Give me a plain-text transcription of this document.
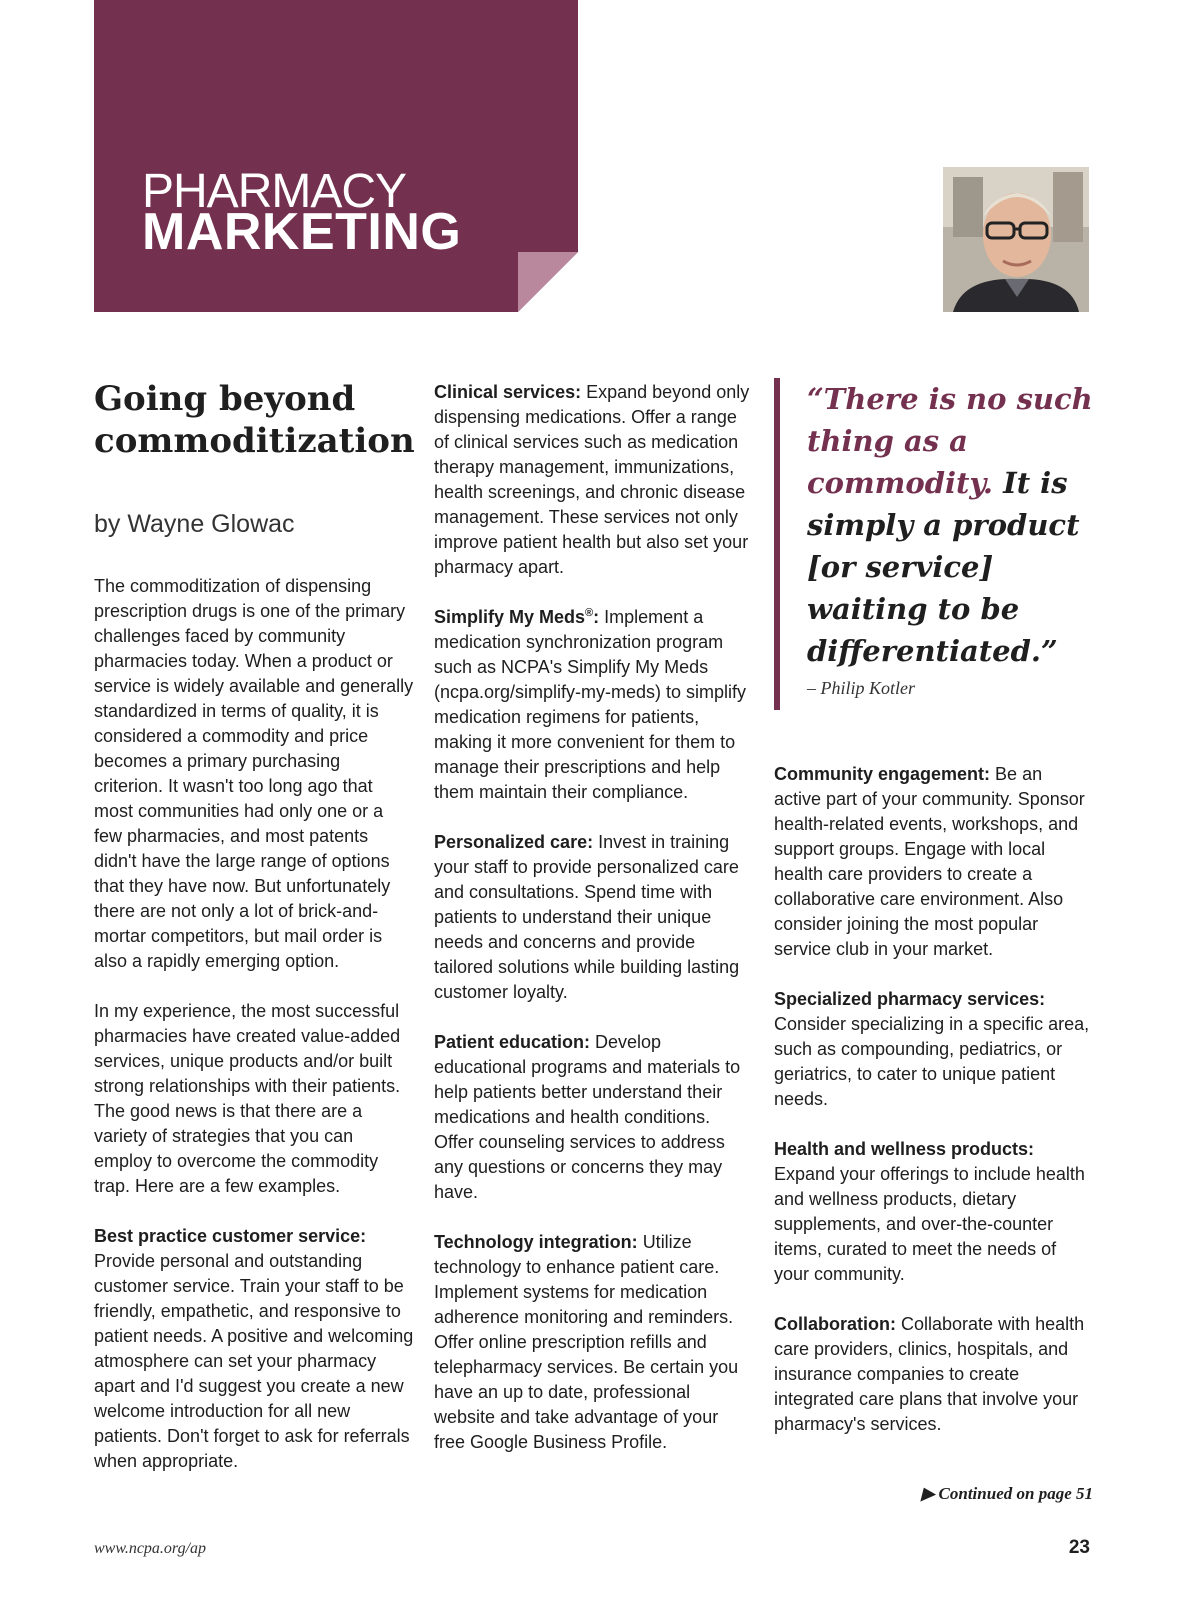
PHARMACY
MARKETING
Going beyond commoditization
by Wayne Glowac

The commoditization of dispensing prescription drugs is one of the primary challenges faced by community pharmacies today. When a product or service is widely available and generally standardized in terms of quality, it is considered a commodity and price becomes a primary purchasing criterion. It wasn't too long ago that most communities had only one or a few pharmacies, and most patents didn't have the large range of options that they have now. But unfortunately there are not only a lot of brick-and-mortar competitors, but mail order is also a rapidly emerging option.

In my experience, the most successful pharmacies have created value-added services, unique products and/or built strong relationships with their patients. The good news is that there are a variety of strategies that you can employ to overcome the commodity trap. Here are a few examples.

Best practice customer service:
Provide personal and outstanding customer service. Train your staff to be friendly, empathetic, and responsive to patient needs. A positive and welcoming atmosphere can set your pharmacy apart and I'd suggest you create a new welcome introduction for all new patients. Don't forget to ask for referrals when appropriate.

Clinical services: Expand beyond only dispensing medications. Offer a range of clinical services such as medication therapy management, immunizations, health screenings, and chronic disease management. These services not only improve patient health but also set your pharmacy apart.

Simplify My Meds®: Implement a medication synchronization program such as NCPA's Simplify My Meds (ncpa.org/simplify-my-meds) to simplify medication regimens for patients, making it more convenient for them to manage their prescriptions and help them maintain their compliance.

Personalized care: Invest in training your staff to provide personalized care and consultations. Spend time with patients to understand their unique needs and concerns and provide tailored solutions while building lasting customer loyalty.

Patient education: Develop educational programs and materials to help patients better understand their medications and health conditions. Offer counseling services to address any questions or concerns they may have.

Technology integration: Utilize technology to enhance patient care. Implement systems for medication adherence monitoring and reminders. Offer online prescription refills and telepharmacy services. Be certain you have an up to date, professional website and take advantage of your free Google Business Profile.

“There is no such thing as a commodity. It is simply a product [or service] waiting to be differentiated.”
– Philip Kotler

Community engagement: Be an active part of your community. Sponsor health-related events, workshops, and support groups. Engage with local health care providers to create a collaborative care environment. Also consider joining the most popular service club in your market.

Specialized pharmacy services:
Consider specializing in a specific area, such as compounding, pediatrics, or geriatrics, to cater to unique patient needs.

Health and wellness products:
Expand your offerings to include health and wellness products, dietary supplements, and over-the-counter items, curated to meet the needs of your community.

Collaboration: Collaborate with health care providers, clinics, hospitals, and insurance companies to create integrated care plans that involve your pharmacy's services.

▶ Continued on page 51
www.ncpa.org/ap	23
